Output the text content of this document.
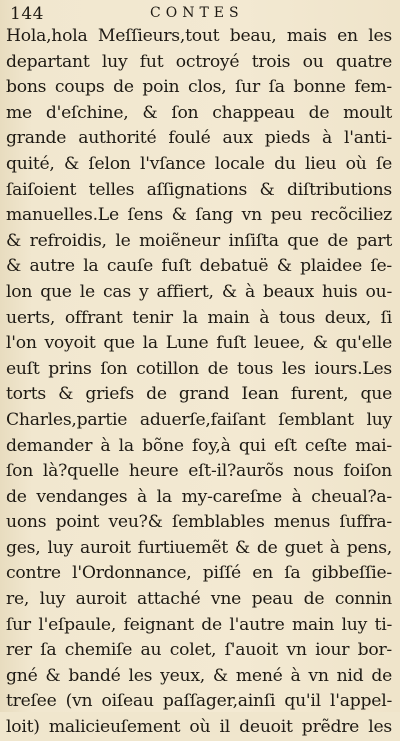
144	CONTES
Hola,hola Meſſieurs,tout beau, mais en les
departant luy fut octroyé trois ou quatre
bons coups de poin clos, ſur ſa bonne fem-
me d'eſchine, & ſon chappeau de moult
grande authorité foulé aux pieds à l'anti-
quité, & ſelon l'vſance locale du lieu où ſe
ſaiſoient telles aſſignations & diſtributions
manuelles.Le ſens & ſang vn peu recõciliez
& refroidis, le moiẽneur inſiſta que de part
& autre la cauſe fuſt debatuë & plaidee ſe-
lon que le cas y affiert, & à beaux huis ou-
uerts, offrant tenir la main à tous deux, ſi
l'on voyoit que la Lune fuſt leuee, & qu'elle
euſt prins ſon cotillon de tous les iours.Les
torts & griefs de grand Iean furent, que
Charles,partie aduerſe,faiſant ſemblant luy
demander à la bõne foy,à qui eſt ceſte mai-
ſon là?quelle heure eſt-il?aurõs nous foiſon
de vendanges à la my-careſme à cheual?a-
uons point veu?& ſemblables menus ſuffra-
ges, luy auroit furtiuemẽt & de guet à pens,
contre l'Ordonnance, piſſé en ſa gibbeſſie-
re, luy auroit attaché vne peau de connin
ſur l'eſpaule, feignant de l'autre main luy ti-
rer ſa chemiſe au colet, ſ'auoit vn iour bor-
gné & bandé les yeux, & mené à vn nid de
treſee (vn oiſeau paſſager,ainſi qu'il l'appel-
loit) malicieuſement où il deuoit prẽdre les
